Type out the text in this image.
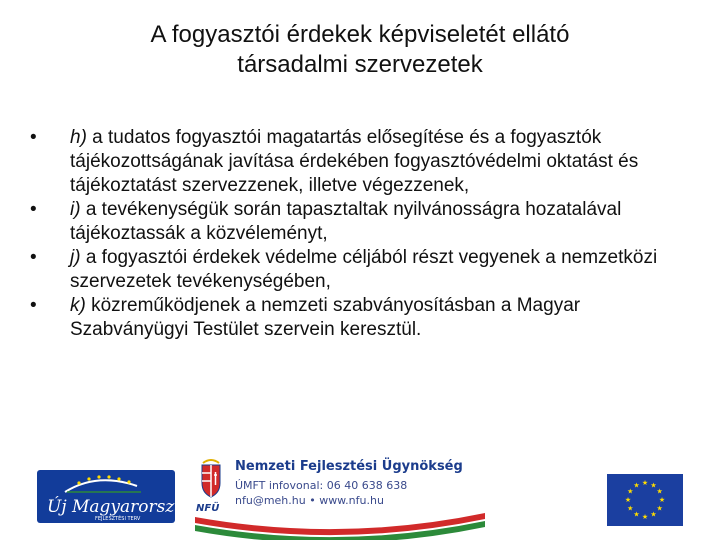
A fogyasztói érdekek képviseletét ellátó
társadalmi szervezetek
• h) a tudatos fogyasztói magatartás elősegítése és a fogyasztók tájékozottságának javítása érdekében fogyasztóvédelmi oktatást és tájékoztatást szervezzenek, illetve végezzenek,
• i) a tevékenységük során tapasztaltak nyilvánosságra hozatalával tájékoztassák a közvéleményt,
• j) a fogyasztói érdekek védelme céljából részt vegyenek a nemzetközi szervezetek tevékenységében,
• k) közreműködjenek a nemzeti szabványosításban a Magyar Szabványügyi Testület szervein keresztül.
Új Magyarország
FEJLESZTÉSI TERV
NFÜ
Nemzeti Fejlesztési Ügynökség
ÚMFT infovonal: 06 40 638 638
nfu@meh.hu • www.nfu.hu
★ ★
★
★
★
★
★
★
★
★
★
★
